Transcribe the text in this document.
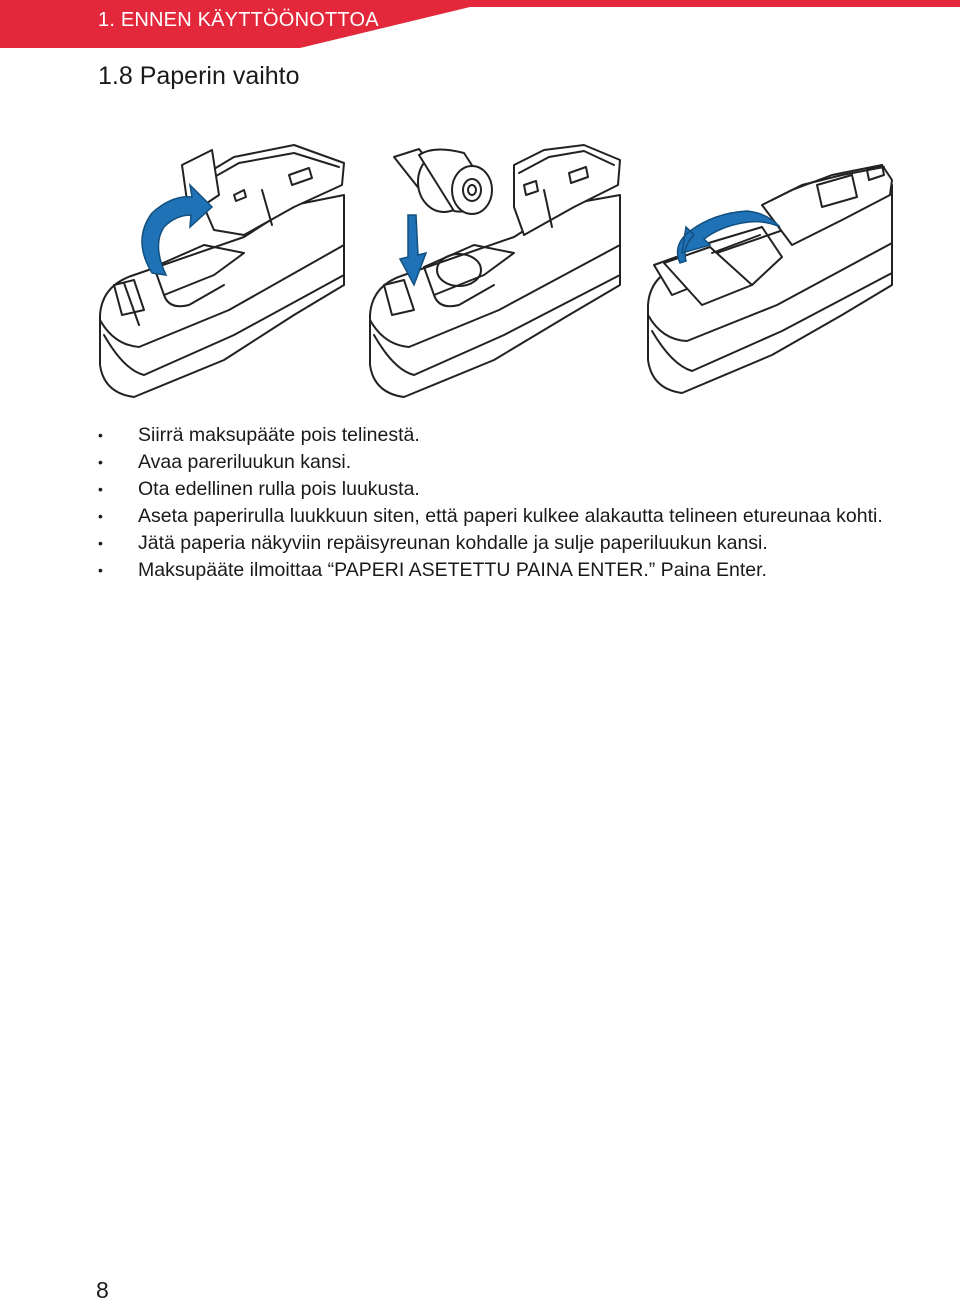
1. ENNEN KÄYTTÖÖNOTTOA
1.8 Paperin vaihto
• Siirrä maksupääte pois telinestä.
• Avaa pareriluukun kansi.
• Ota edellinen rulla pois luukusta.
• Aseta paperirulla luukkuun siten, että paperi kulkee alakautta telineen etureunaa kohti.
• Jätä paperia näkyviin repäisyreunan kohdalle ja sulje paperiluukun kansi.
• Maksupääte ilmoittaa “PAPERI ASETETTU PAINA ENTER.” Paina Enter.
8
